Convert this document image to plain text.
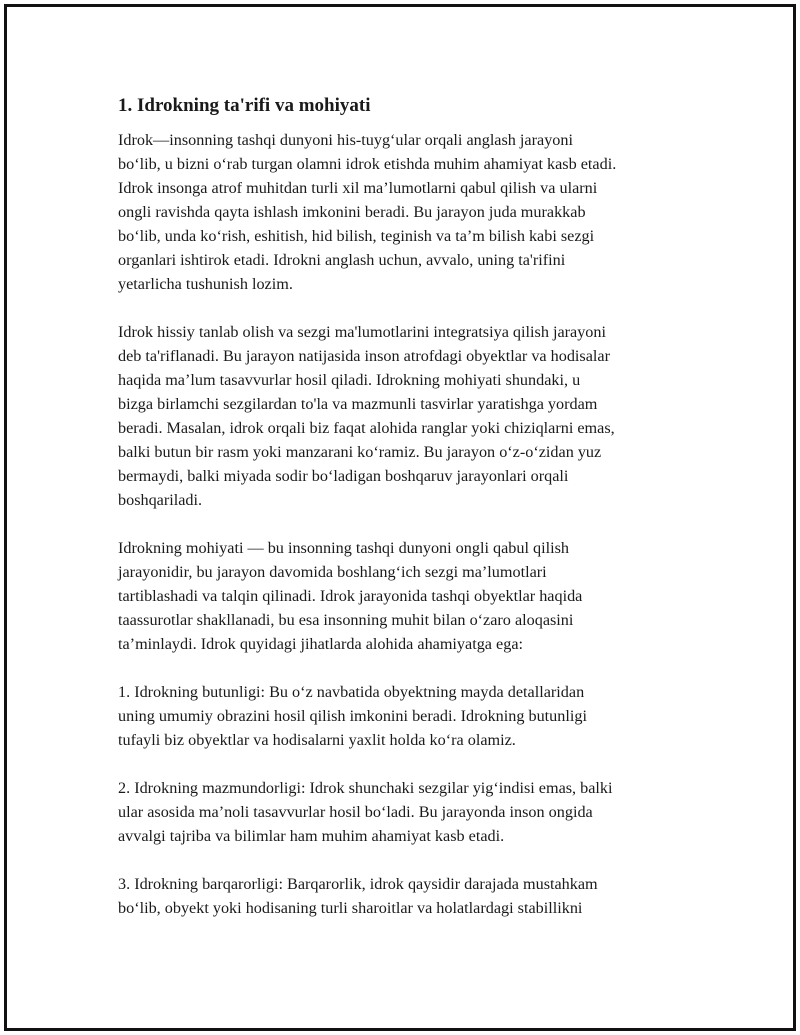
1. Idrokning ta'rifi va mohiyati
Idrok—insonning tashqi dunyoni his-tuyg‘ular orqali anglash jarayoni
bo‘lib, u bizni o‘rab turgan olamni idrok etishda muhim ahamiyat kasb etadi.
Idrok insonga atrof muhitdan turli xil ma’lumotlarni qabul qilish va ularni
ongli ravishda qayta ishlash imkonini beradi. Bu jarayon juda murakkab
bo‘lib, unda ko‘rish, eshitish, hid bilish, teginish va ta’m bilish kabi sezgi
organlari ishtirok etadi. Idrokni anglash uchun, avvalo, uning ta'rifini
yetarlicha tushunish lozim.
Idrok hissiy tanlab olish va sezgi ma'lumotlarini integratsiya qilish jarayoni
deb ta'riflanadi. Bu jarayon natijasida inson atrofdagi obyektlar va hodisalar
haqida ma’lum tasavvurlar hosil qiladi. Idrokning mohiyati shundaki, u
bizga birlamchi sezgilardan to'la va mazmunli tasvirlar yaratishga yordam
beradi. Masalan, idrok orqali biz faqat alohida ranglar yoki chiziqlarni emas,
balki butun bir rasm yoki manzarani ko‘ramiz. Bu jarayon o‘z-o‘zidan yuz
bermaydi, balki miyada sodir bo‘ladigan boshqaruv jarayonlari orqali
boshqariladi.
Idrokning mohiyati — bu insonning tashqi dunyoni ongli qabul qilish
jarayonidir, bu jarayon davomida boshlang‘ich sezgi ma’lumotlari
tartiblashadi va talqin qilinadi. Idrok jarayonida tashqi obyektlar haqida
taassurotlar shakllanadi, bu esa insonning muhit bilan o‘zaro aloqasini
ta’minlaydi. Idrok quyidagi jihatlarda alohida ahamiyatga ega:
1. Idrokning butunligi: Bu o‘z navbatida obyektning mayda detallaridan
uning umumiy obrazini hosil qilish imkonini beradi. Idrokning butunligi
tufayli biz obyektlar va hodisalarni yaxlit holda ko‘ra olamiz.
2. Idrokning mazmundorligi: Idrok shunchaki sezgilar yig‘indisi emas, balki
ular asosida ma’noli tasavvurlar hosil bo‘ladi. Bu jarayonda inson ongida
avvalgi tajriba va bilimlar ham muhim ahamiyat kasb etadi.
3. Idrokning barqarorligi: Barqarorlik, idrok qaysidir darajada mustahkam
bo‘lib, obyekt yoki hodisaning turli sharoitlar va holatlardagi stabillikni
